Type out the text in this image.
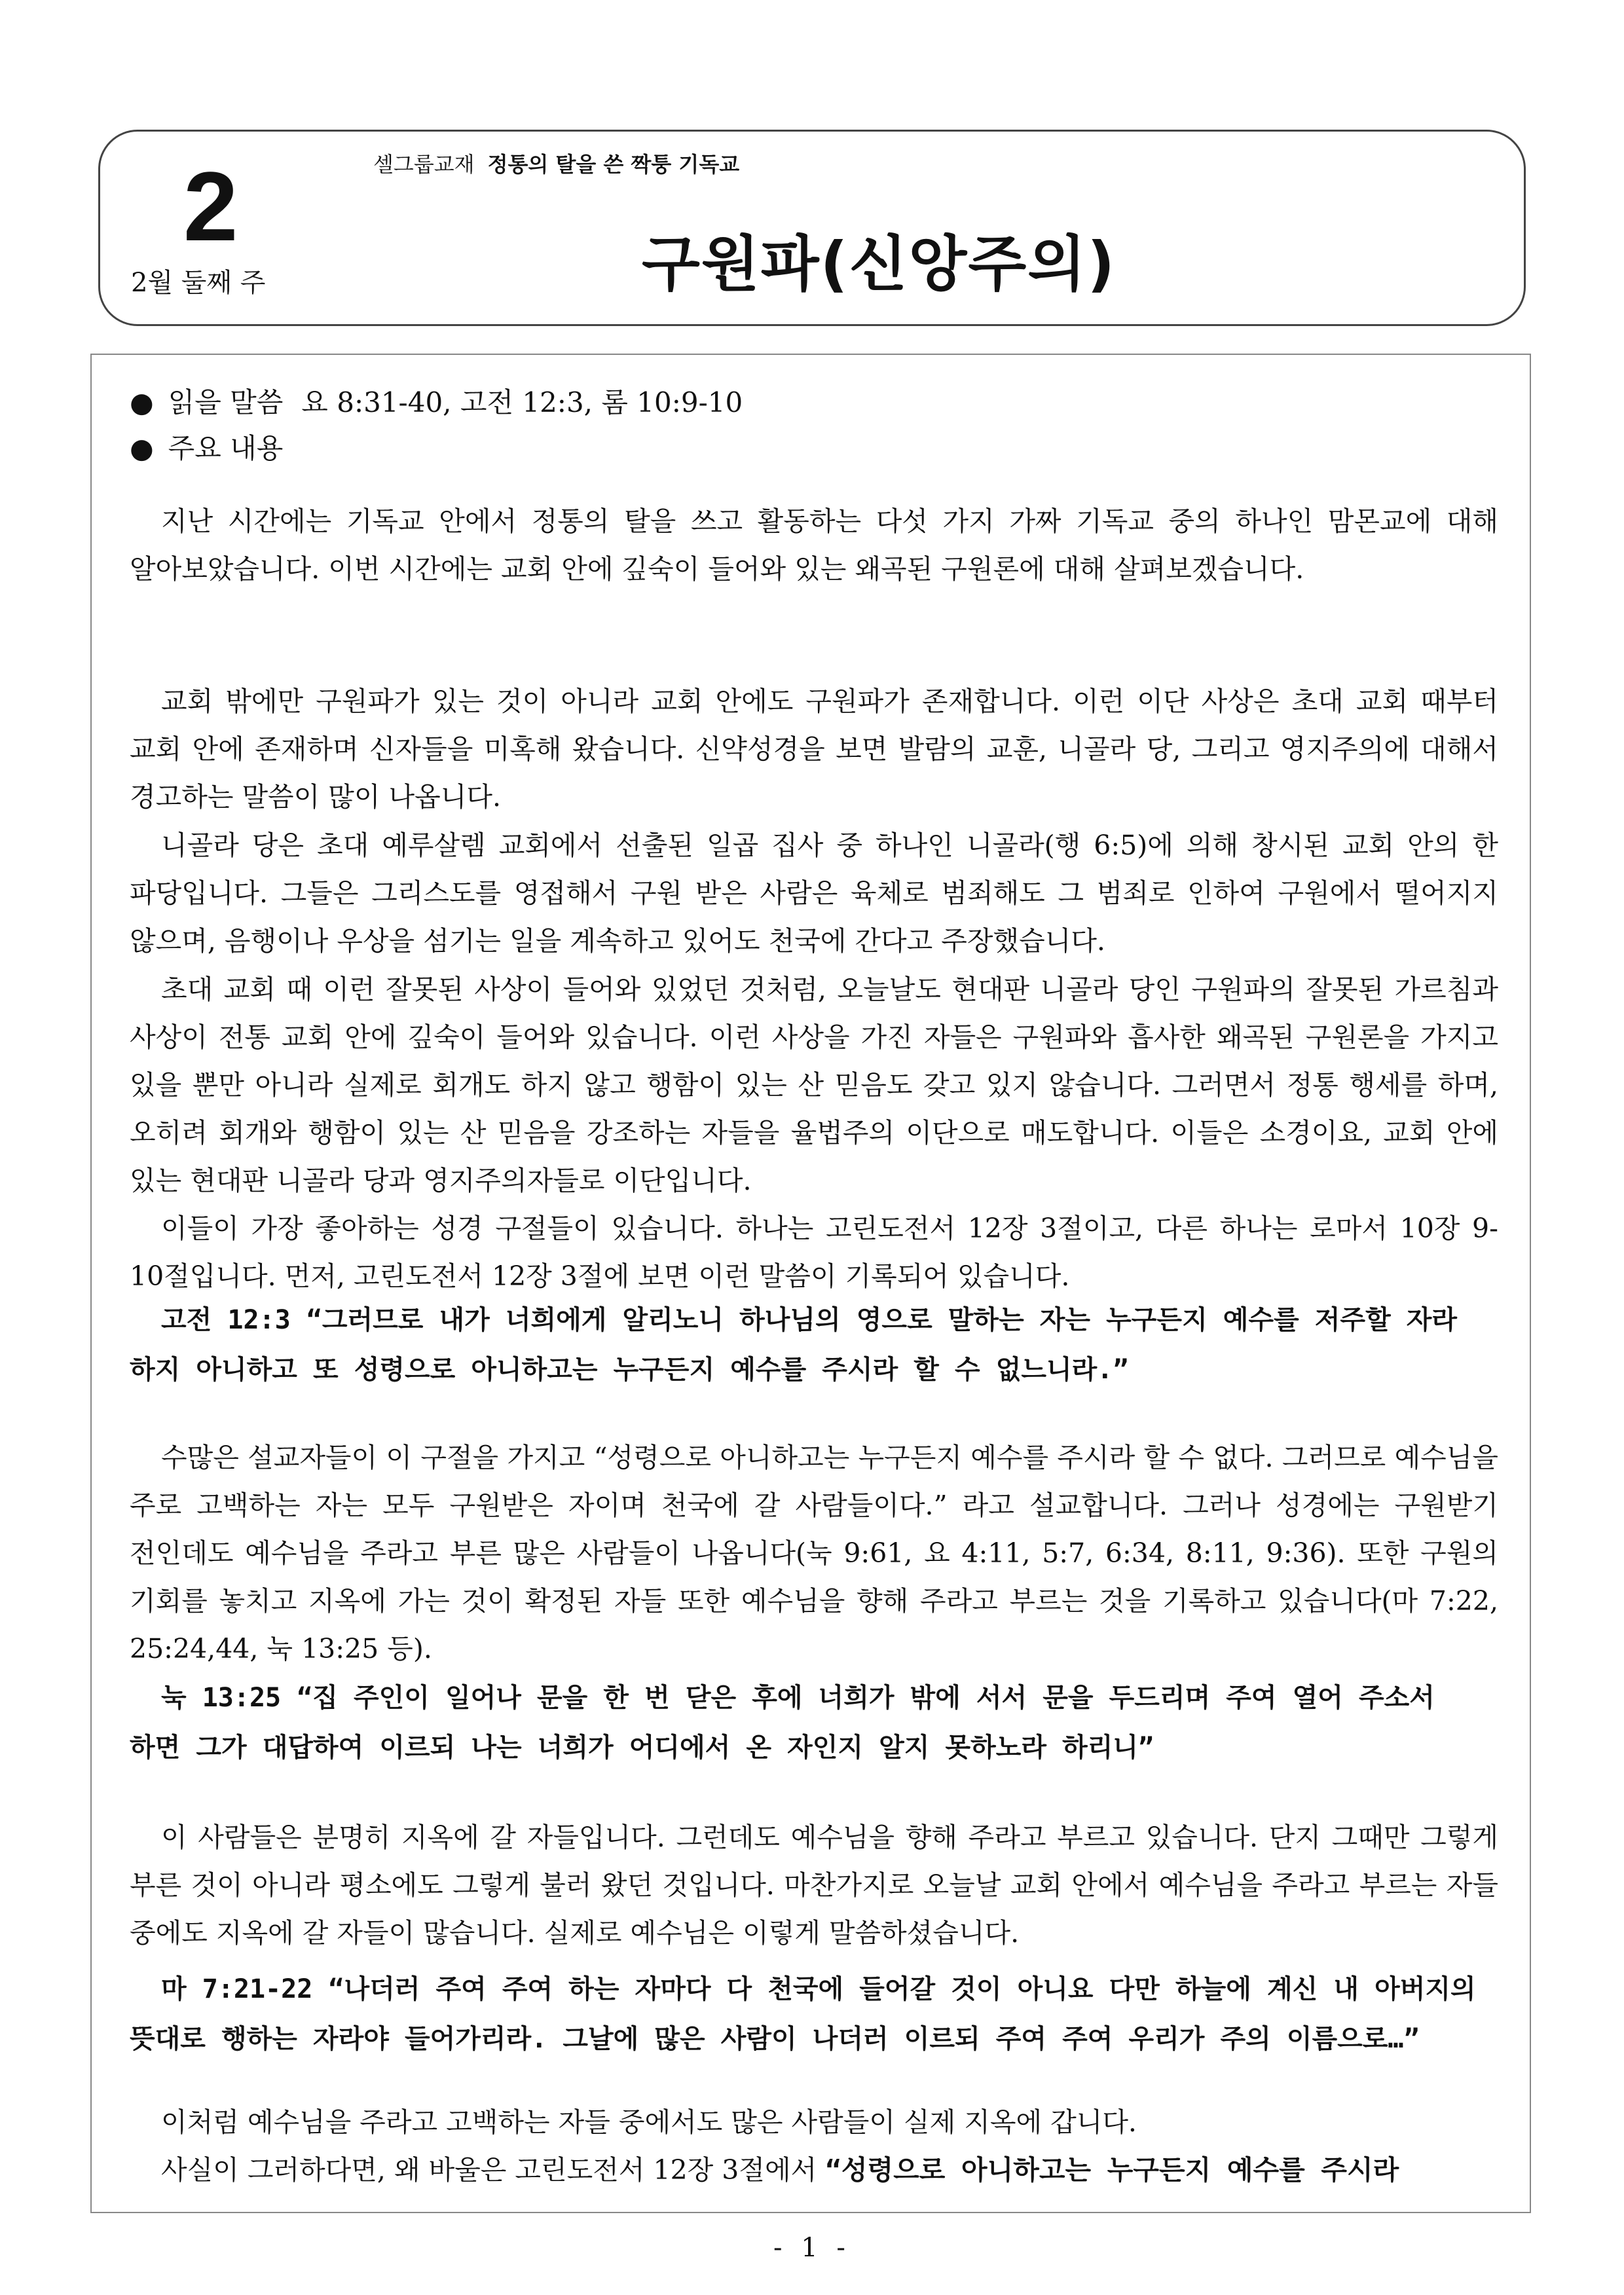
2
2월 둘째 주
셀그룹교재 정통의 탈을 쓴 짝퉁 기독교
구원파(신앙주의)
● 읽을 말씀 요 8:31-40, 고전 12:3, 롬 10:9-10
● 주요 내용

지난 시간에는 기독교 안에서 정통의 탈을 쓰고 활동하는 다섯 가지 가짜 기독교 중의 하나인 맘몬교에 대해 알아보았습니다. 이번 시간에는 교회 안에 깊숙이 들어와 있는 왜곡된 구원론에 대해 살펴보겠습니다.

교회 밖에만 구원파가 있는 것이 아니라 교회 안에도 구원파가 존재합니다. 이런 이단 사상은 초대 교회 때부터 교회 안에 존재하며 신자들을 미혹해 왔습니다. 신약성경을 보면 발람의 교훈, 니골라 당, 그리고 영지주의에 대해서 경고하는 말씀이 많이 나옵니다.

니골라 당은 초대 예루살렘 교회에서 선출된 일곱 집사 중 하나인 니골라(행 6:5)에 의해 창시된 교회 안의 한 파당입니다. 그들은 그리스도를 영접해서 구원 받은 사람은 육체로 범죄해도 그 범죄로 인하여 구원에서 떨어지지 않으며, 음행이나 우상을 섬기는 일을 계속하고 있어도 천국에 간다고 주장했습니다.

초대 교회 때 이런 잘못된 사상이 들어와 있었던 것처럼, 오늘날도 현대판 니골라 당인 구원파의 잘못된 가르침과 사상이 전통 교회 안에 깊숙이 들어와 있습니다. 이런 사상을 가진 자들은 구원파와 흡사한 왜곡된 구원론을 가지고 있을 뿐만 아니라 실제로 회개도 하지 않고 행함이 있는 산 믿음도 갖고 있지 않습니다. 그러면서 정통 행세를 하며, 오히려 회개와 행함이 있는 산 믿음을 강조하는 자들을 율법주의 이단으로 매도합니다. 이들은 소경이요, 교회 안에 있는 현대판 니골라 당과 영지주의자들로 이단입니다.

이들이 가장 좋아하는 성경 구절들이 있습니다. 하나는 고린도전서 12장 3절이고, 다른 하나는 로마서 10장 9-10절입니다. 먼저, 고린도전서 12장 3절에 보면 이런 말씀이 기록되어 있습니다.

고전 12:3 “그러므로 내가 너희에게 알리노니 하나님의 영으로 말하는 자는 누구든지 예수를 저주할 자라 하지 아니하고 또 성령으로 아니하고는 누구든지 예수를 주시라 할 수 없느니라.”

수많은 설교자들이 이 구절을 가지고 “성령으로 아니하고는 누구든지 예수를 주시라 할 수 없다. 그러므로 예수님을 주로 고백하는 자는 모두 구원받은 자이며 천국에 갈 사람들이다.” 라고 설교합니다. 그러나 성경에는 구원받기 전인데도 예수님을 주라고 부른 많은 사람들이 나옵니다(눅 9:61, 요 4:11, 5:7, 6:34, 8:11, 9:36). 또한 구원의 기회를 놓치고 지옥에 가는 것이 확정된 자들 또한 예수님을 향해 주라고 부르는 것을 기록하고 있습니다(마 7:22, 25:24,44, 눅 13:25 등).

눅 13:25 “집 주인이 일어나 문을 한 번 닫은 후에 너희가 밖에 서서 문을 두드리며 주여 열어 주소서 하면 그가 대답하여 이르되 나는 너희가 어디에서 온 자인지 알지 못하노라 하리니”

이 사람들은 분명히 지옥에 갈 자들입니다. 그런데도 예수님을 향해 주라고 부르고 있습니다. 단지 그때만 그렇게 부른 것이 아니라 평소에도 그렇게 불러 왔던 것입니다. 마찬가지로 오늘날 교회 안에서 예수님을 주라고 부르는 자들 중에도 지옥에 갈 자들이 많습니다. 실제로 예수님은 이렇게 말씀하셨습니다.

마 7:21-22 “나더러 주여 주여 하는 자마다 다 천국에 들어갈 것이 아니요 다만 하늘에 계신 내 아버지의 뜻대로 행하는 자라야 들어가리라. 그날에 많은 사람이 나더러 이르되 주여 주여 우리가 주의 이름으로…”

이처럼 예수님을 주라고 고백하는 자들 중에서도 많은 사람들이 실제 지옥에 갑니다.

사실이 그러하다면, 왜 바울은 고린도전서 12장 3절에서 “성령으로 아니하고는 누구든지 예수를 주시라

- 1 -
